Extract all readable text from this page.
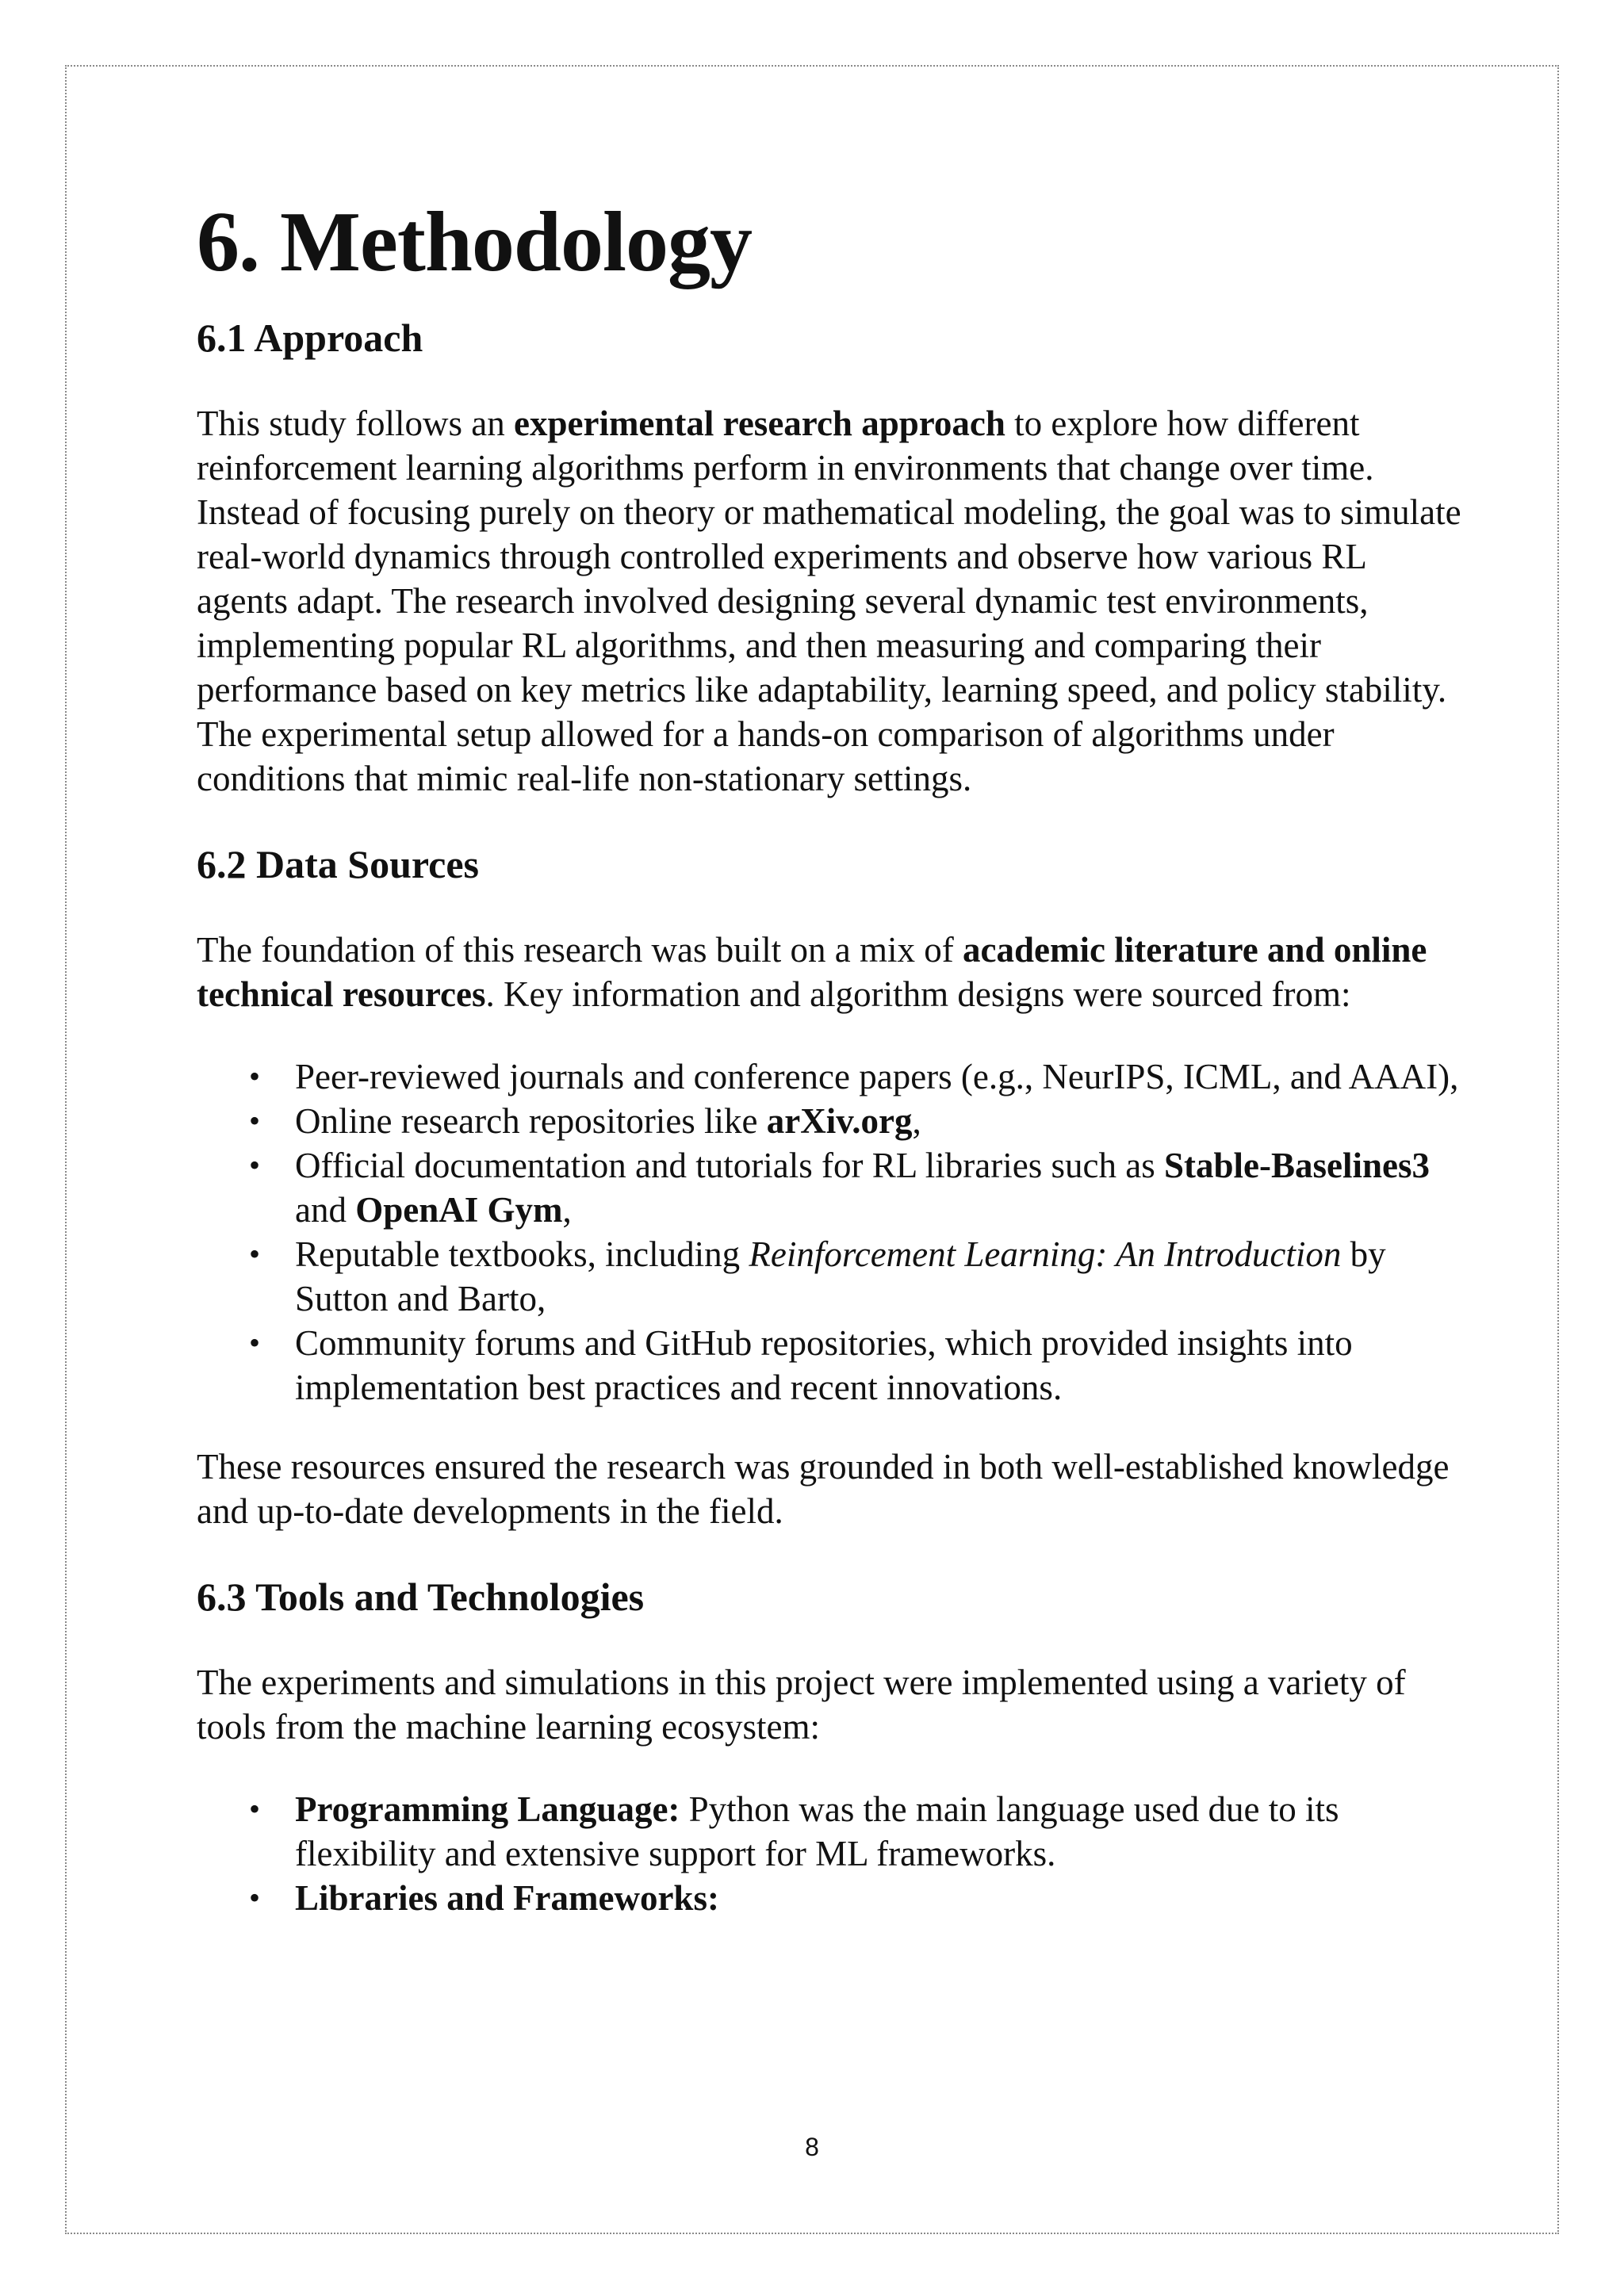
6. Methodology
6.1 Approach

This study follows an experimental research approach to explore how different reinforcement learning algorithms perform in environments that change over time. Instead of focusing purely on theory or mathematical modeling, the goal was to simulate real-world dynamics through controlled experiments and observe how various RL agents adapt. The research involved designing several dynamic test environments, implementing popular RL algorithms, and then measuring and comparing their performance based on key metrics like adaptability, learning speed, and policy stability. The experimental setup allowed for a hands-on comparison of algorithms under conditions that mimic real-life non-stationary settings.

6.2 Data Sources

The foundation of this research was built on a mix of academic literature and online technical resources. Key information and algorithm designs were sourced from:

• Peer-reviewed journals and conference papers (e.g., NeurIPS, ICML, and AAAI),
• Online research repositories like arXiv.org,
• Official documentation and tutorials for RL libraries such as Stable-Baselines3 and OpenAI Gym,
• Reputable textbooks, including Reinforcement Learning: An Introduction by Sutton and Barto,
• Community forums and GitHub repositories, which provided insights into implementation best practices and recent innovations.

These resources ensured the research was grounded in both well-established knowledge and up-to-date developments in the field.

6.3 Tools and Technologies

The experiments and simulations in this project were implemented using a variety of tools from the machine learning ecosystem:

• Programming Language: Python was the main language used due to its flexibility and extensive support for ML frameworks.
• Libraries and Frameworks:
8
